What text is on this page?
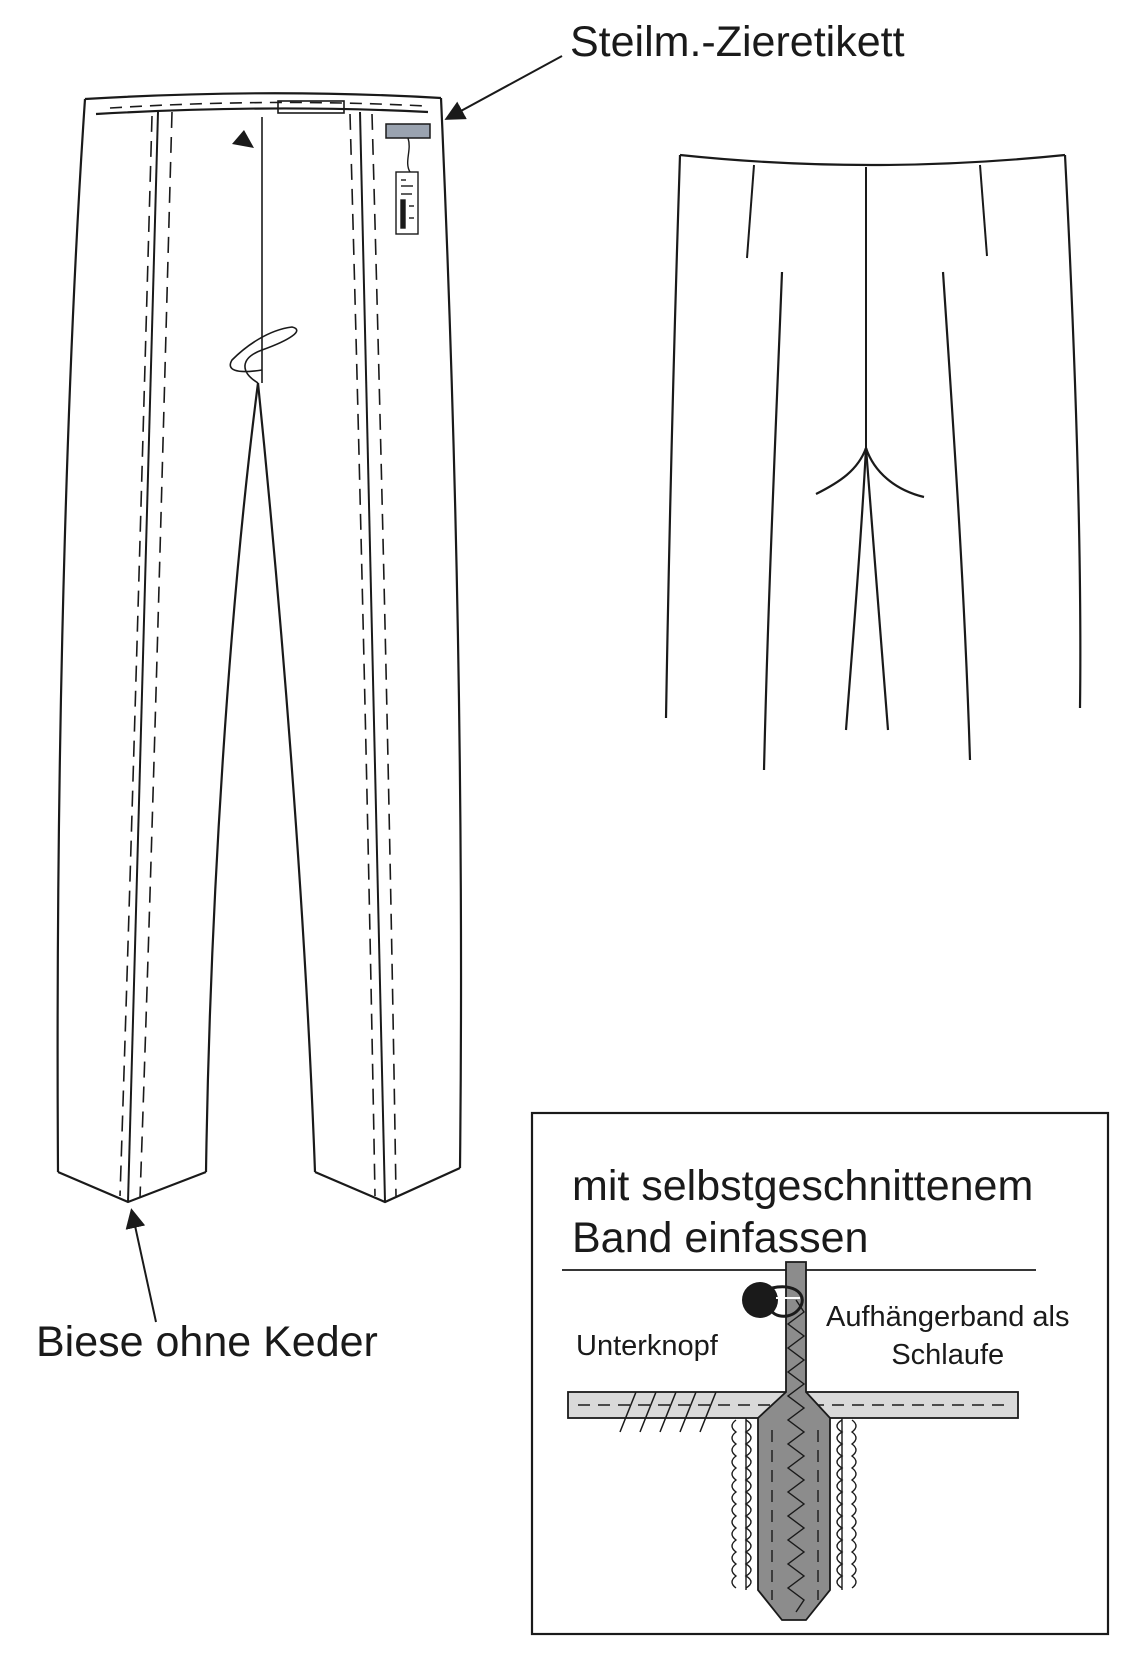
Steilm.-Zieretikett
Biese ohne Keder
mit selbstgeschnittenem
Band einfassen
Unterknopf
Aufhängerband als
Schlaufe
